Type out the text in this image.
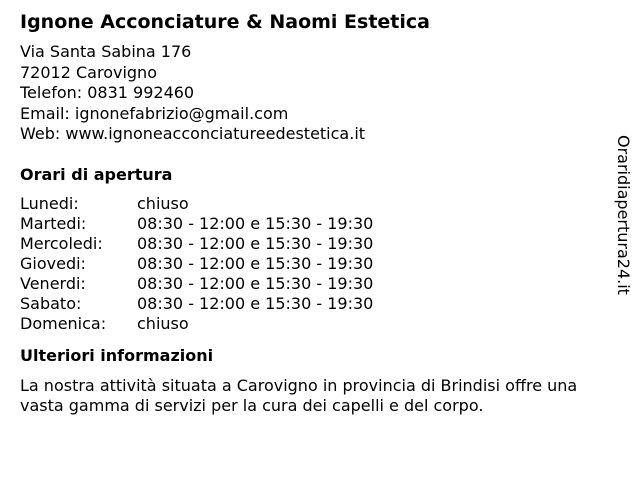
Ignone Acconciature & Naomi Estetica
Via Santa Sabina 176
72012 Carovigno
Telefon: 0831 992460
Email: ignonefabrizio@gmail.com
Web: www.ignoneacconciatureedestetica.it
Orari di apertura
Lunedi:	chiuso
Martedi:	08:30 - 12:00 e 15:30 - 19:30
Mercoledi: 08:30 - 12:00 e 15:30 - 19:30
Giovedi:	08:30 - 12:00 e 15:30 - 19:30
Venerdi:	08:30 - 12:00 e 15:30 - 19:30
Sabato:	08:30 - 12:00 e 15:30 - 19:30
Domenica: chiuso
Ulteriori informazioni
La nostra attività situata a Carovigno in provincia di Brindisi offre una vasta gamma di servizi per la cura dei capelli e del corpo.
Oraridiapertura24.it
